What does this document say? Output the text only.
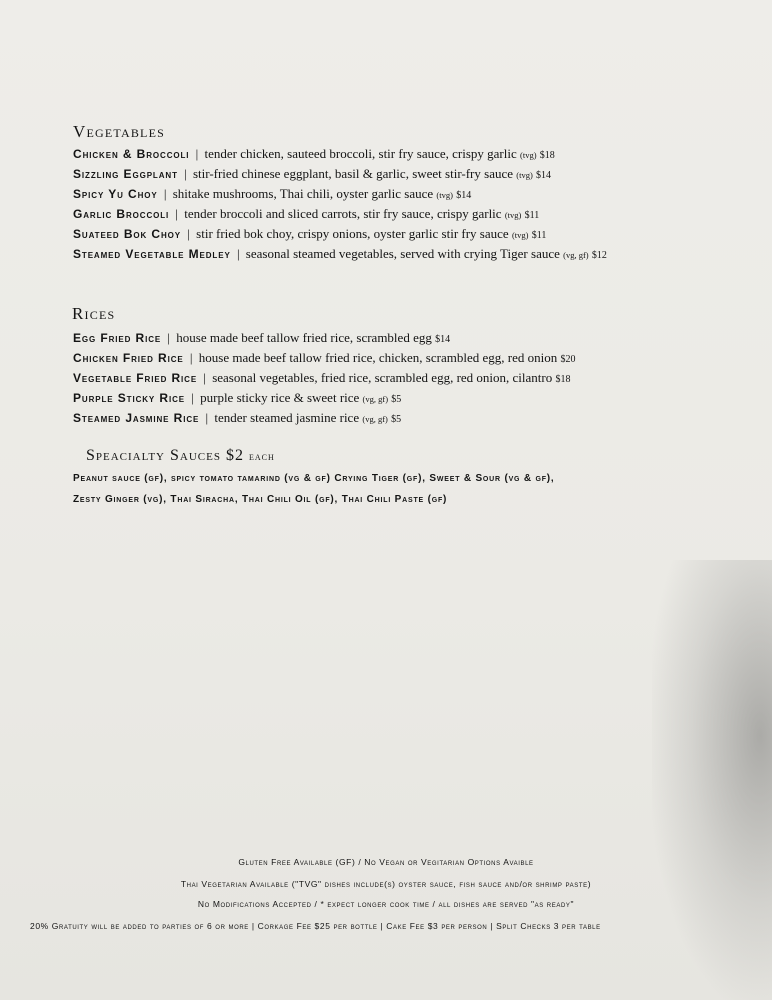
Vegetables
Chicken & Broccoli | tender chicken, sauteed broccoli, stir fry sauce, crispy garlic (tvg) $18
Sizzling Eggplant | stir-fried chinese eggplant, basil & garlic, sweet stir-fry sauce (tvg) $14
Spicy Yu Choy | shitake mushrooms, Thai chili, oyster garlic sauce (tvg) $14
Garlic Broccoli | tender broccoli and sliced carrots, stir fry sauce, crispy garlic (tvg) $11
Suateed Bok Choy | stir fried bok choy, crispy onions, oyster garlic stir fry sauce (tvg) $11
Steamed Vegetable Medley | seasonal steamed vegetables, served with crying Tiger sauce (vg, gf) $12
Rices
Egg Fried Rice | house made beef tallow fried rice, scrambled egg $14
Chicken Fried Rice | house made beef tallow fried rice, chicken, scrambled egg, red onion $20
Vegetable Fried Rice | seasonal vegetables, fried rice, scrambled egg, red onion, cilantro $18
Purple Sticky Rice | purple sticky rice & sweet rice (vg, gf) $5
Steamed Jasmine Rice | tender steamed jasmine rice (vg, gf) $5
Speacialty Sauces $2 each
Peanut sauce (gf), spicy tomato tamarind (vg & gf) Crying Tiger (gf), Sweet & Sour (vg & gf),
Zesty Ginger (vg), Thai Siracha, Thai Chili Oil (gf), Thai Chili Paste (gf)
Gluten Free Available (GF) / No Vegan or Vegitarian Options Avaible
Thai Vegetarian Available ("TVG" dishes include(s) oyster sauce, fish sauce and/or shrimp paste)
No Modifications Accepted / * expect longer cook time / all dishes are served "as ready"
20% Gratuity will be added to parties of 6 or more | Corkage Fee $25 per bottle | Cake Fee $3 per person | Split Checks 3 per table
